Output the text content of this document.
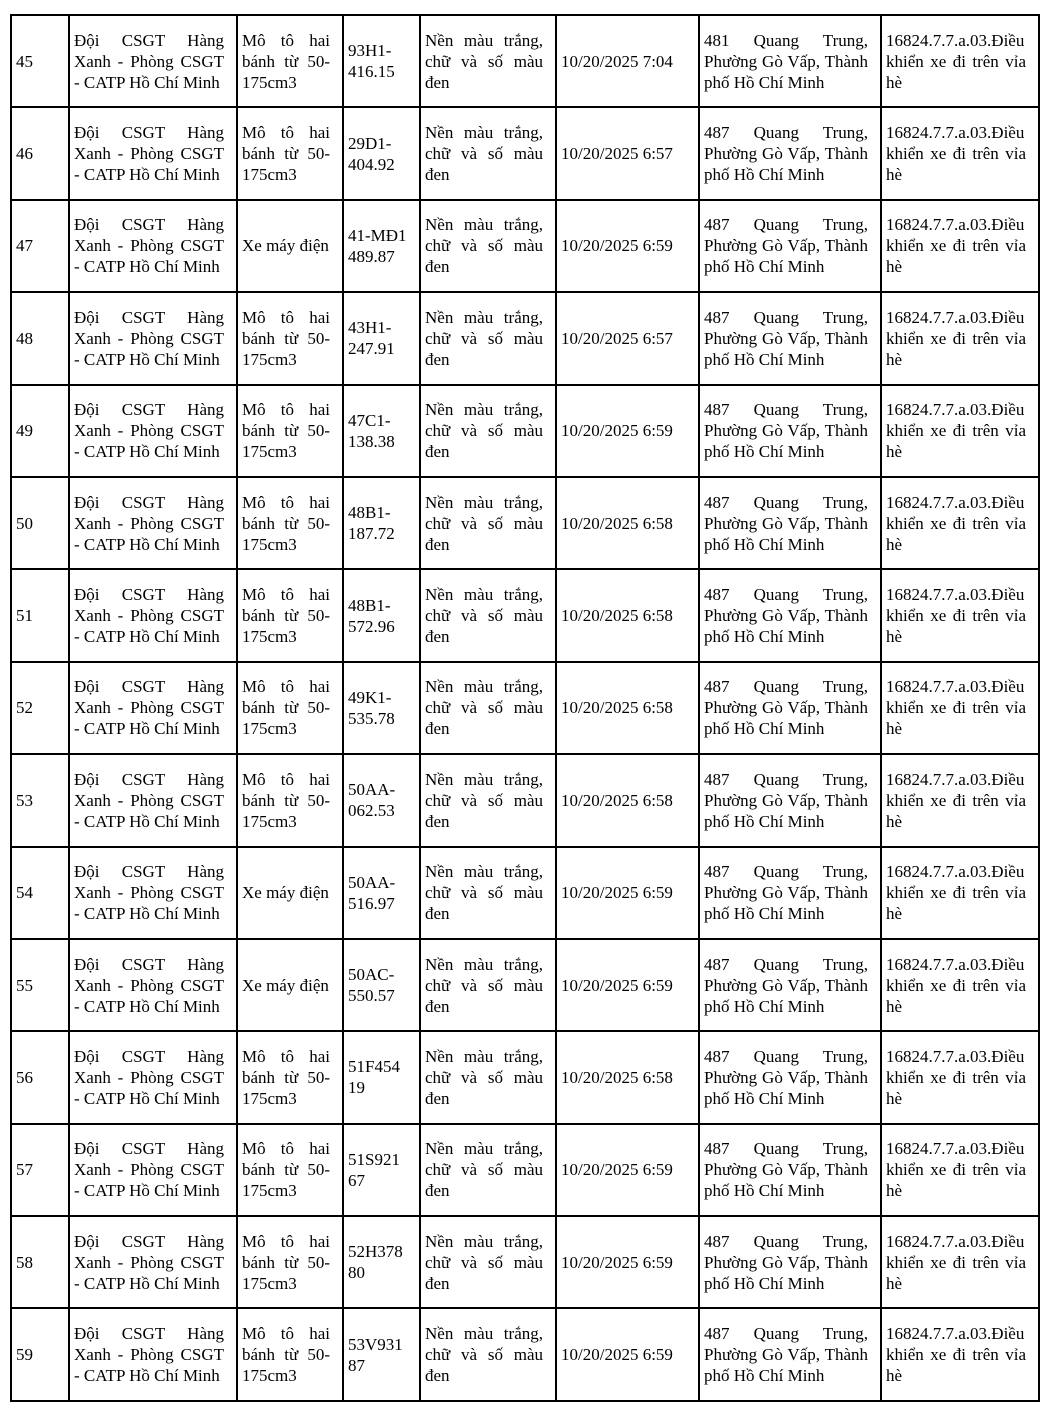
45	Đội CSGT Hàng Xanh - Phòng CSGT - CATP Hồ Chí Minh	Mô tô hai bánh từ 50-175cm3	93H1-416.15	Nền màu trắng, chữ và số màu đen	10/20/2025 7:04	481 Quang Trung, Phường Gò Vấp, Thành phố Hồ Chí Minh	16824.7.7.a.03.Điều khiển xe đi trên vỉa hè
46	Đội CSGT Hàng Xanh - Phòng CSGT - CATP Hồ Chí Minh	Mô tô hai bánh từ 50-175cm3	29D1-404.92	Nền màu trắng, chữ và số màu đen	10/20/2025 6:57	487 Quang Trung, Phường Gò Vấp, Thành phố Hồ Chí Minh	16824.7.7.a.03.Điều khiển xe đi trên vỉa hè
47	Đội CSGT Hàng Xanh - Phòng CSGT - CATP Hồ Chí Minh	Xe máy điện	41-MĐ1 489.87	Nền màu trắng, chữ và số màu đen	10/20/2025 6:59	487 Quang Trung, Phường Gò Vấp, Thành phố Hồ Chí Minh	16824.7.7.a.03.Điều khiển xe đi trên vỉa hè
48	Đội CSGT Hàng Xanh - Phòng CSGT - CATP Hồ Chí Minh	Mô tô hai bánh từ 50-175cm3	43H1-247.91	Nền màu trắng, chữ và số màu đen	10/20/2025 6:57	487 Quang Trung, Phường Gò Vấp, Thành phố Hồ Chí Minh	16824.7.7.a.03.Điều khiển xe đi trên vỉa hè
49	Đội CSGT Hàng Xanh - Phòng CSGT - CATP Hồ Chí Minh	Mô tô hai bánh từ 50-175cm3	47C1-138.38	Nền màu trắng, chữ và số màu đen	10/20/2025 6:59	487 Quang Trung, Phường Gò Vấp, Thành phố Hồ Chí Minh	16824.7.7.a.03.Điều khiển xe đi trên vỉa hè
50	Đội CSGT Hàng Xanh - Phòng CSGT - CATP Hồ Chí Minh	Mô tô hai bánh từ 50-175cm3	48B1-187.72	Nền màu trắng, chữ và số màu đen	10/20/2025 6:58	487 Quang Trung, Phường Gò Vấp, Thành phố Hồ Chí Minh	16824.7.7.a.03.Điều khiển xe đi trên vỉa hè
51	Đội CSGT Hàng Xanh - Phòng CSGT - CATP Hồ Chí Minh	Mô tô hai bánh từ 50-175cm3	48B1-572.96	Nền màu trắng, chữ và số màu đen	10/20/2025 6:58	487 Quang Trung, Phường Gò Vấp, Thành phố Hồ Chí Minh	16824.7.7.a.03.Điều khiển xe đi trên vỉa hè
52	Đội CSGT Hàng Xanh - Phòng CSGT - CATP Hồ Chí Minh	Mô tô hai bánh từ 50-175cm3	49K1-535.78	Nền màu trắng, chữ và số màu đen	10/20/2025 6:58	487 Quang Trung, Phường Gò Vấp, Thành phố Hồ Chí Minh	16824.7.7.a.03.Điều khiển xe đi trên vỉa hè
53	Đội CSGT Hàng Xanh - Phòng CSGT - CATP Hồ Chí Minh	Mô tô hai bánh từ 50-175cm3	50AA-062.53	Nền màu trắng, chữ và số màu đen	10/20/2025 6:58	487 Quang Trung, Phường Gò Vấp, Thành phố Hồ Chí Minh	16824.7.7.a.03.Điều khiển xe đi trên vỉa hè
54	Đội CSGT Hàng Xanh - Phòng CSGT - CATP Hồ Chí Minh	Xe máy điện	50AA-516.97	Nền màu trắng, chữ và số màu đen	10/20/2025 6:59	487 Quang Trung, Phường Gò Vấp, Thành phố Hồ Chí Minh	16824.7.7.a.03.Điều khiển xe đi trên vỉa hè
55	Đội CSGT Hàng Xanh - Phòng CSGT - CATP Hồ Chí Minh	Xe máy điện	50AC-550.57	Nền màu trắng, chữ và số màu đen	10/20/2025 6:59	487 Quang Trung, Phường Gò Vấp, Thành phố Hồ Chí Minh	16824.7.7.a.03.Điều khiển xe đi trên vỉa hè
56	Đội CSGT Hàng Xanh - Phòng CSGT - CATP Hồ Chí Minh	Mô tô hai bánh từ 50-175cm3	51F45419	Nền màu trắng, chữ và số màu đen	10/20/2025 6:58	487 Quang Trung, Phường Gò Vấp, Thành phố Hồ Chí Minh	16824.7.7.a.03.Điều khiển xe đi trên vỉa hè
57	Đội CSGT Hàng Xanh - Phòng CSGT - CATP Hồ Chí Minh	Mô tô hai bánh từ 50-175cm3	51S92167	Nền màu trắng, chữ và số màu đen	10/20/2025 6:59	487 Quang Trung, Phường Gò Vấp, Thành phố Hồ Chí Minh	16824.7.7.a.03.Điều khiển xe đi trên vỉa hè
58	Đội CSGT Hàng Xanh - Phòng CSGT - CATP Hồ Chí Minh	Mô tô hai bánh từ 50-175cm3	52H37880	Nền màu trắng, chữ và số màu đen	10/20/2025 6:59	487 Quang Trung, Phường Gò Vấp, Thành phố Hồ Chí Minh	16824.7.7.a.03.Điều khiển xe đi trên vỉa hè
59	Đội CSGT Hàng Xanh - Phòng CSGT - CATP Hồ Chí Minh	Mô tô hai bánh từ 50-175cm3	53V93187	Nền màu trắng, chữ và số màu đen	10/20/2025 6:59	487 Quang Trung, Phường Gò Vấp, Thành phố Hồ Chí Minh	16824.7.7.a.03.Điều khiển xe đi trên vỉa hè
